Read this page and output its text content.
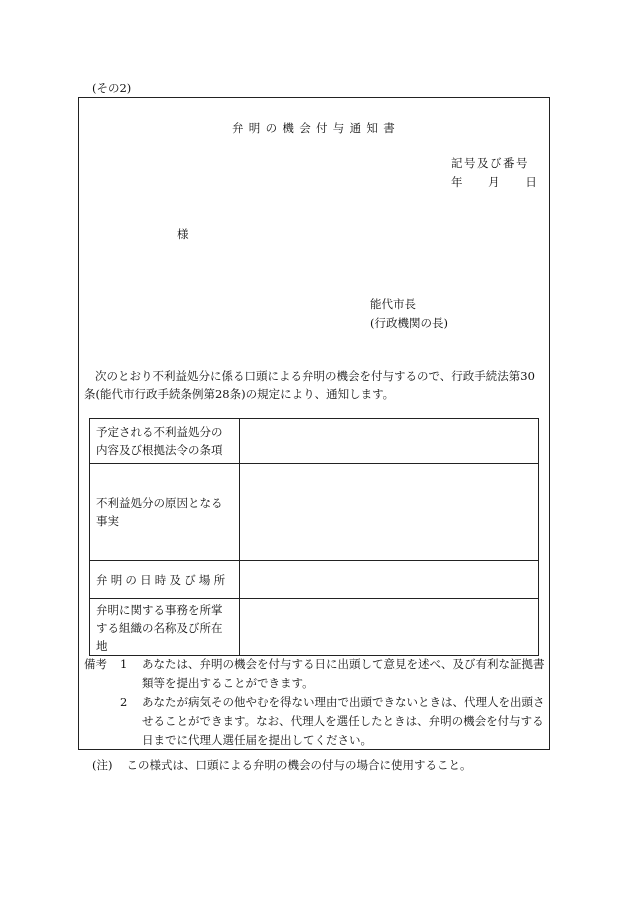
(その2)
弁明の機会付与通知書
記号及び番号
年 月 日
様
能代市長
(行政機関の長)
次のとおり不利益処分に係る口頭による弁明の機会を付与するので、行政手続法第30条(能代市行政手続条例第28条)の規定により、通知します。
予定される不利益処分の内容及び根拠法令の条項	
不利益処分の原因となる事実	
弁明の日時及び場所	
弁明に関する事務を所掌する組織の名称及び所在地	
備考 1 あなたは、弁明の機会を付与する日に出頭して意見を述べ、及び有利な証拠書類等を提出することができます。
2 あなたが病気その他やむを得ない理由で出頭できないときは、代理人を出頭させることができます。なお、代理人を選任したときは、弁明の機会を付与する日までに代理人選任届を提出してください。
(注) この様式は、口頭による弁明の機会の付与の場合に使用すること。
